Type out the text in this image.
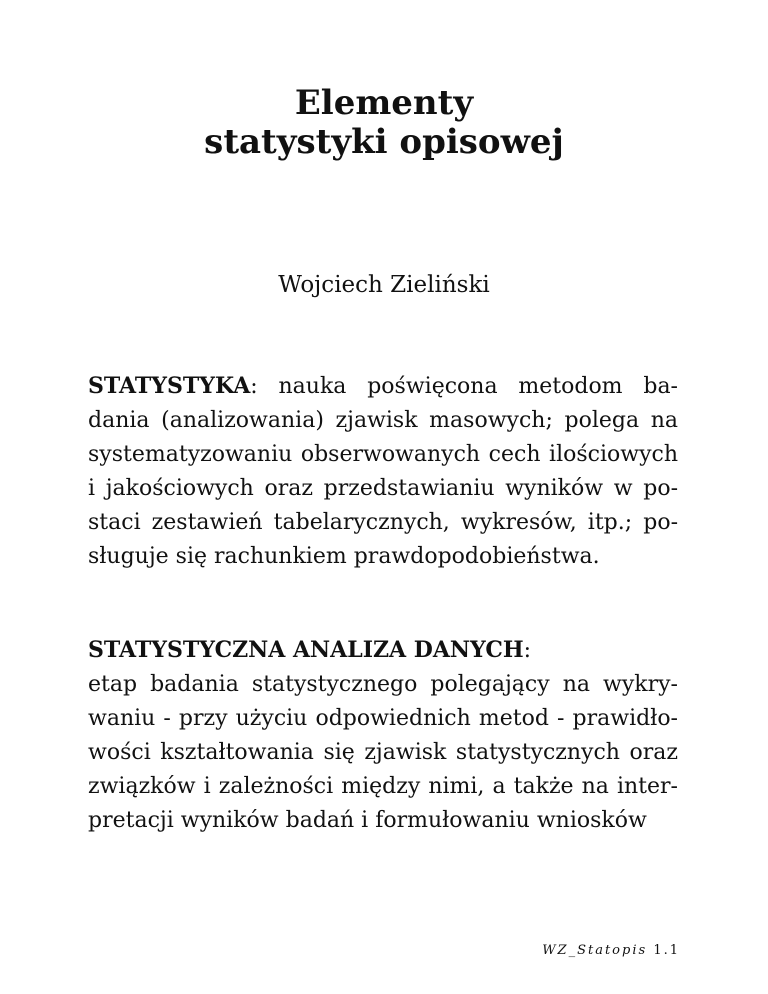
Elementy
statystyki opisowej
Wojciech Zieliński
STATYSTYKA: nauka poświęcona metodom ba-
dania (analizowania) zjawisk masowych; polega na
systematyzowaniu obserwowanych cech ilościowych
i jakościowych oraz przedstawianiu wyników w po-
staci zestawień tabelarycznych, wykresów, itp.; po-
sługuje się rachunkiem prawdopodobieństwa.
STATYSTYCZNA ANALIZA DANYCH:
etap badania statystycznego polegający na wykry-
waniu - przy użyciu odpowiednich metod - prawidło-
wości kształtowania się zjawisk statystycznych oraz
związków i zależności między nimi, a także na inter-
pretacji wyników badań i formułowaniu wniosków
WZ_Statopis 1.1
